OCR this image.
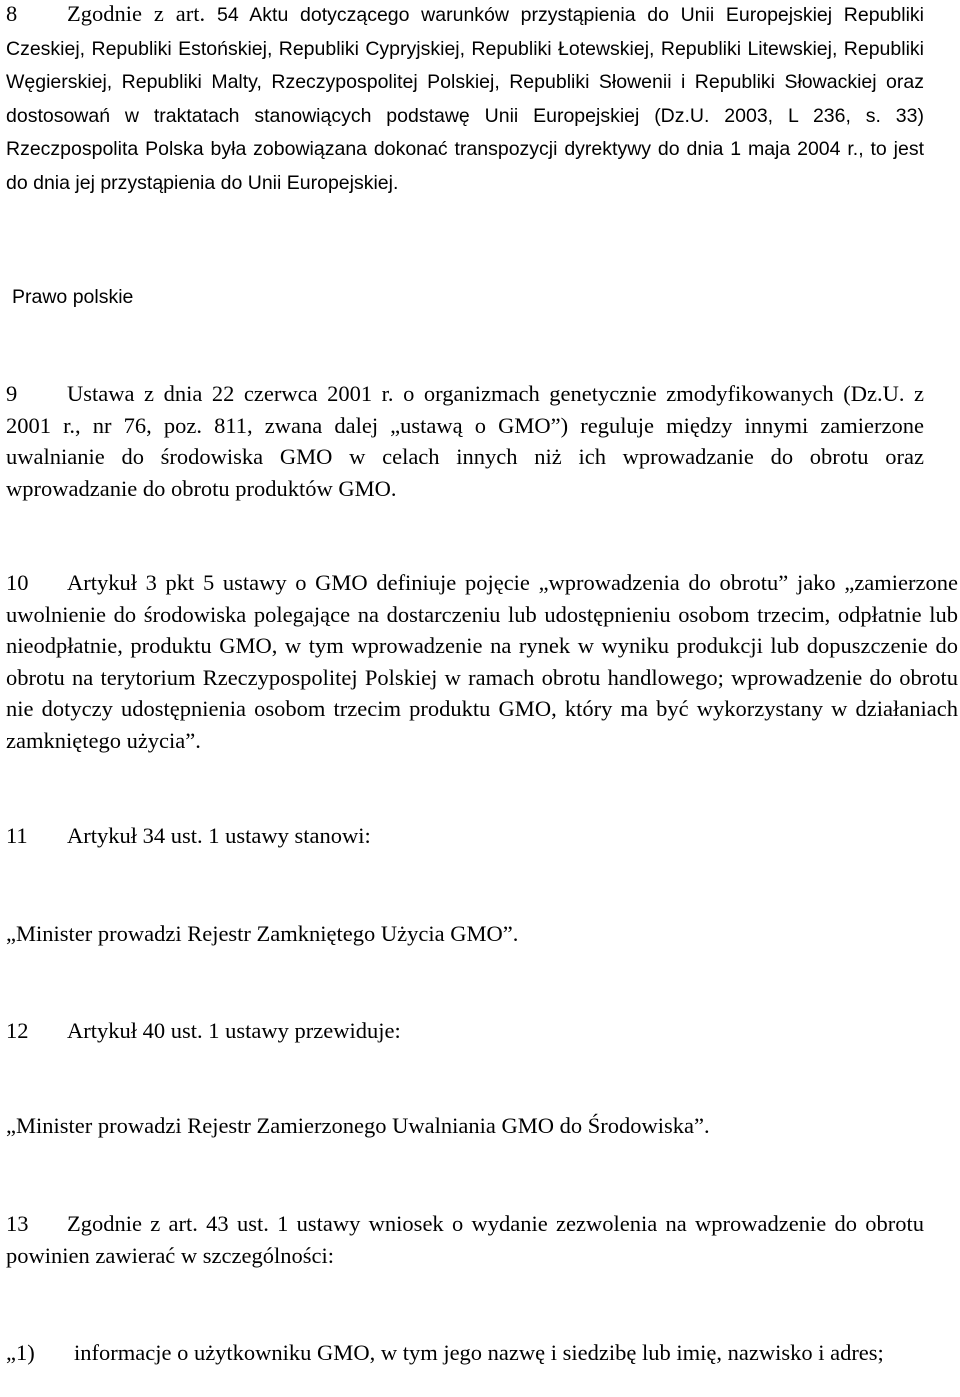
8 Zgodnie z art. 54 Aktu dotyczącego warunków przystąpienia do Unii Europejskiej Republiki Czeskiej, Republiki Estońskiej, Republiki Cypryjskiej, Republiki Łotewskiej, Republiki Litewskiej, Republiki Węgierskiej, Republiki Malty, Rzeczypospolitej Polskiej, Republiki Słowenii i Republiki Słowackiej oraz dostosowań w traktatach stanowiących podstawę Unii Europejskiej (Dz.U. 2003, L 236, s. 33) Rzeczpospolita Polska była zobowiązana dokonać transpozycji dyrektywy do dnia 1 maja 2004 r., to jest do dnia jej przystąpienia do Unii Europejskiej.

Prawo polskie

9 Ustawa z dnia 22 czerwca 2001 r. o organizmach genetycznie zmodyfikowanych (Dz.U. z 2001 r., nr 76, poz. 811, zwana dalej „ustawą o GMO”) reguluje między innymi zamierzone uwalnianie do środowiska GMO w celach innych niż ich wprowadzanie do obrotu oraz wprowadzanie do obrotu produktów GMO.

10 Artykuł 3 pkt 5 ustawy o GMO definiuje pojęcie „wprowadzenia do obrotu” jako „zamierzone uwolnienie do środowiska polegające na dostarczeniu lub udostępnieniu osobom trzecim, odpłatnie lub nieodpłatnie, produktu GMO, w tym wprowadzenie na rynek w wyniku produkcji lub dopuszczenie do obrotu na terytorium Rzeczypospolitej Polskiej w ramach obrotu handlowego; wprowadzenie do obrotu nie dotyczy udostępnienia osobom trzecim produktu GMO, który ma być wykorzystany w działaniach zamkniętego użycia”.

11 Artykuł 34 ust. 1 ustawy stanowi:

„Minister prowadzi Rejestr Zamkniętego Użycia GMO”.

12 Artykuł 40 ust. 1 ustawy przewiduje:

„Minister prowadzi Rejestr Zamierzonego Uwalniania GMO do Środowiska”.

13 Zgodnie z art. 43 ust. 1 ustawy wniosek o wydanie zezwolenia na wprowadzenie do obrotu powinien zawierać w szczególności:

„1) informacje o użytkowniku GMO, w tym jego nazwę i siedzibę lub imię, nazwisko i adres;
